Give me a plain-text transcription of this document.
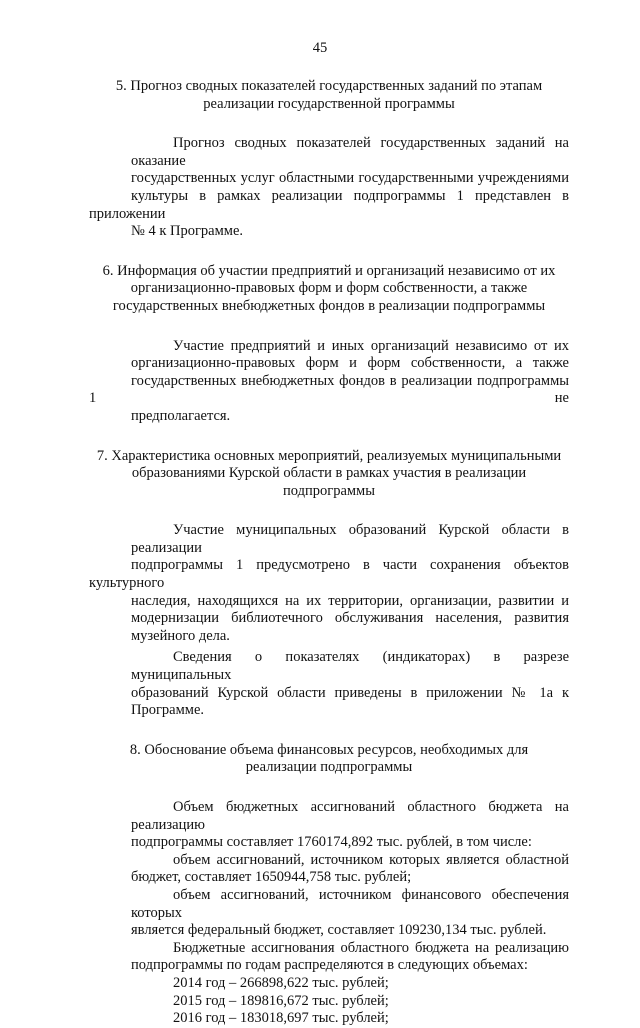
45
5. Прогноз сводных показателей государственных заданий по этапам
реализации государственной программы
Прогноз сводных показателей государственных заданий на оказание
государственных услуг областными государственными учреждениями
культуры в рамках реализации подпрограммы 1 представлен в приложении
№ 4 к Программе.
6. Информация об участии предприятий и организаций независимо от их
организационно-правовых форм и форм собственности, а также
государственных внебюджетных фондов в реализации подпрограммы
Участие предприятий и иных организаций независимо от их
организационно-правовых форм и форм собственности, а также
государственных внебюджетных фондов в реализации подпрограммы 1 не
предполагается.
7. Характеристика основных мероприятий, реализуемых муниципальными
образованиями Курской области в рамках участия в реализации
подпрограммы
Участие муниципальных образований Курской области в реализации
подпрограммы 1 предусмотрено в части сохранения объектов культурного
наследия, находящихся на их территории, организации, развитии и
модернизации библиотечного обслуживания населения, развития
музейного дела.
Сведения о показателях (индикаторах) в разрезе муниципальных
образований Курской области приведены в приложении № 1а к
Программе.
8. Обоснование объема финансовых ресурсов, необходимых для
реализации подпрограммы
Объем бюджетных ассигнований областного бюджета на реализацию
подпрограммы составляет 1760174,892 тыс. рублей, в том числе:
объем ассигнований, источником которых является областной
бюджет, составляет 1650944,758 тыс. рублей;
объем ассигнований, источником финансового обеспечения которых
является федеральный бюджет, составляет 109230,134 тыс. рублей.
Бюджетные ассигнования областного бюджета на реализацию
подпрограммы по годам распределяются в следующих объемах:
2014 год – 266898,622 тыс. рублей;
2015 год – 189816,672 тыс. рублей;
2016 год – 183018,697 тыс. рублей;
